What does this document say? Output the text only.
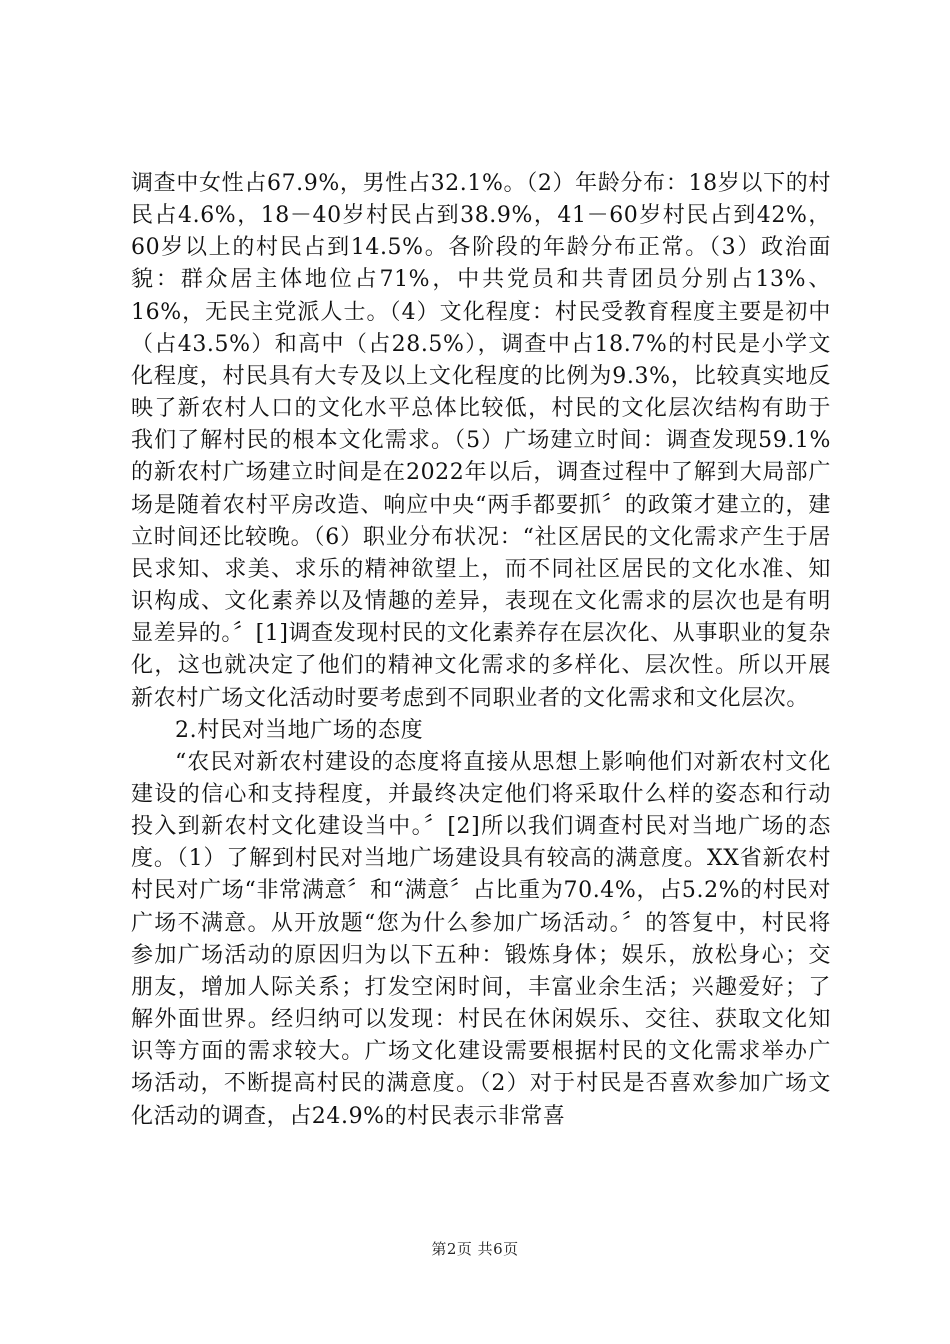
调查中女性占67.9%，男性占32.1%。（2）年龄分布：18岁以下的村民占4.6%，18－40岁村民占到38.9%，41－60岁村民占到42%，60岁以上的村民占到14.5%。各阶段的年龄分布正常。（3）政治面貌：群众居主体地位占71%，中共党员和共青团员分别占13%、16%，无民主党派人士。（4）文化程度：村民受教育程度主要是初中（占43.5%）和高中（占28.5%），调查中占18.7%的村民是小学文化程度，村民具有大专及以上文化程度的比例为9.3%，比较真实地反映了新农村人口的文化水平总体比较低，村民的文化层次结构有助于我们了解村民的根本文化需求。（5）广场建立时间：调查发现59.1%的新农村广场建立时间是在2022年以后，调查过程中了解到大局部广场是随着农村平房改造、响应中央“两手都要抓〞的政策才建立的，建立时间还比较晚。（6）职业分布状况：“社区居民的文化需求产生于居民求知、求美、求乐的精神欲望上，而不同社区居民的文化水准、知识构成、文化素养以及情趣的差异，表现在文化需求的层次也是有明显差异的。〞[1]调查发现村民的文化素养存在层次化、从事职业的复杂化，这也就决定了他们的精神文化需求的多样化、层次性。所以开展新农村广场文化活动时要考虑到不同职业者的文化需求和文化层次。

2.村民对当地广场的态度

“农民对新农村建设的态度将直接从思想上影响他们对新农村文化建设的信心和支持程度，并最终决定他们将采取什么样的姿态和行动投入到新农村文化建设当中。〞[2]所以我们调查村民对当地广场的态度。（1）了解到村民对当地广场建设具有较高的满意度。XX省新农村村民对广场“非常满意〞和“满意〞占比重为70.4%，占5.2%的村民对广场不满意。从开放题“您为什么参加广场活动。〞的答复中，村民将参加广场活动的原因归为以下五种：锻炼身体；娱乐，放松身心；交朋友，增加人际关系；打发空闲时间，丰富业余生活；兴趣爱好；了解外面世界。经归纳可以发现：村民在休闲娱乐、交往、获取文化知识等方面的需求较大。广场文化建设需要根据村民的文化需求举办广场活动，不断提高村民的满意度。（2）对于村民是否喜欢参加广场文化活动的调查，占24.9%的村民表示非常喜

第2页 共6页
